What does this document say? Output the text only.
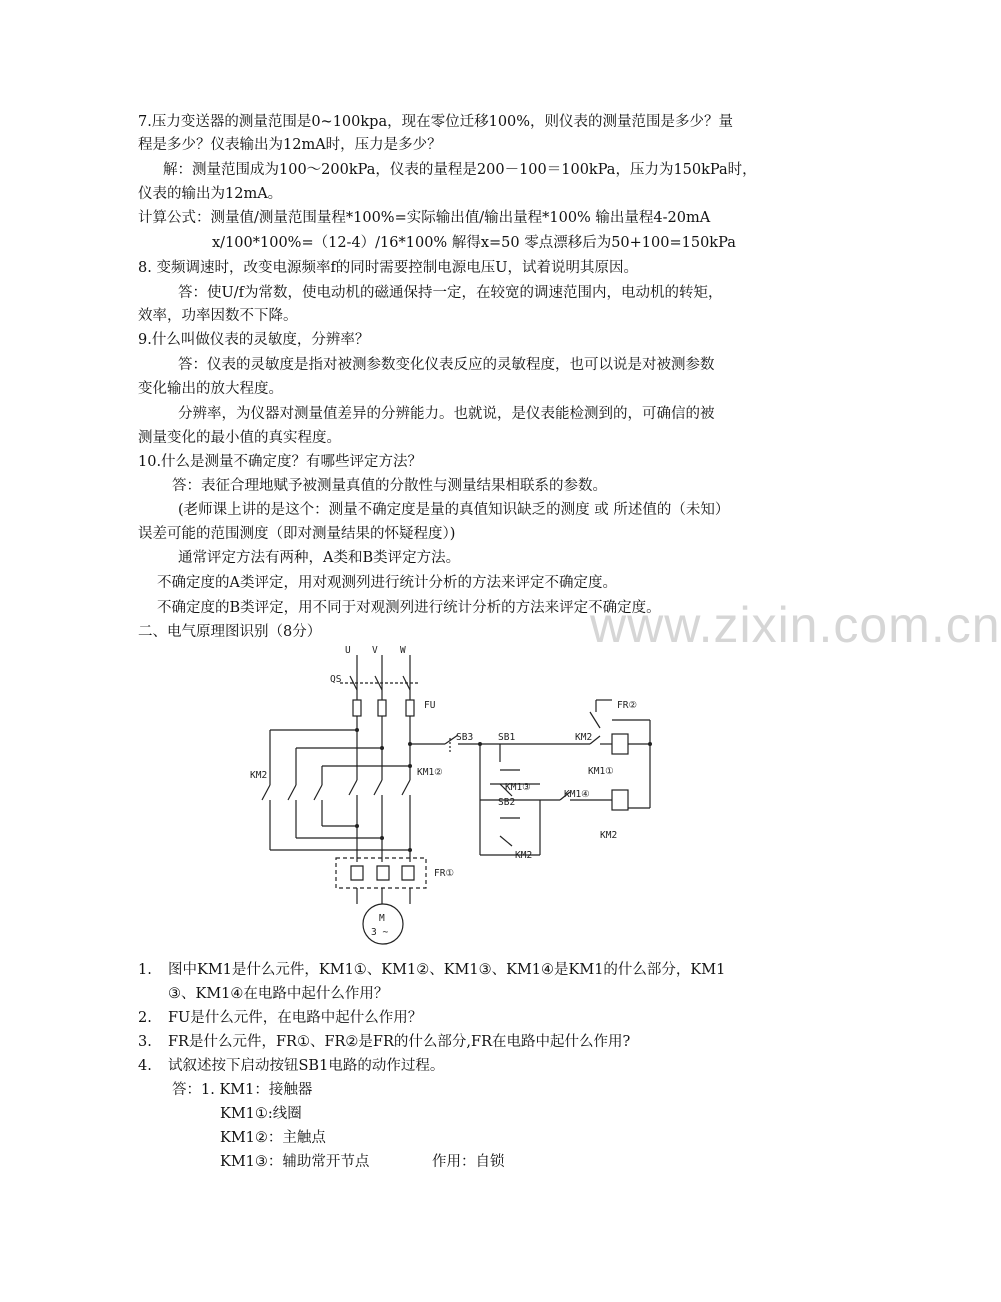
www.zixin.com.cn
7.压力变送器的测量范围是0~100kpa，现在零位迁移100%，则仪表的测量范围是多少？量
程是多少？仪表输出为12mA时，压力是多少？
解：测量范围成为100～200kPa，仪表的量程是200－100＝100kPa，压力为150kPa时，
仪表的输出为12mA。
计算公式：测量值/测量范围量程*100%=实际输出值/输出量程*100% 输出量程4-20mA
x/100*100%=（12-4）/16*100% 解得x=50 零点漂移后为50+100=150kPa
8. 变频调速时，改变电源频率f的同时需要控制电源电压U，试着说明其原因。
答：使U/f为常数，使电动机的磁通保持一定，在较宽的调速范围内，电动机的转矩，
效率，功率因数不下降。
9.什么叫做仪表的灵敏度，分辨率？
答：仪表的灵敏度是指对被测参数变化仪表反应的灵敏程度，也可以说是对被测参数
变化输出的放大程度。
分辨率，为仪器对测量值差异的分辨能力。也就说，是仪表能检测到的，可确信的被
测量变化的最小值的真实程度。
10.什么是测量不确定度？有哪些评定方法？
答：表征合理地赋予被测量真值的分散性与测量结果相联系的参数。
(老师课上讲的是这个：测量不确定度是量的真值知识缺乏的测度 或 所述值的（未知）
误差可能的范围测度（即对测量结果的怀疑程度）)
通常评定方法有两种，A类和B类评定方法。
不确定度的A类评定，用对观测列进行统计分析的方法来评定不确定度。
不确定度的B类评定，用不同于对观测列进行统计分析的方法来评定不确定度。
二、电气原理图识别（8分）
U V W
QS
FU
SB3	SB1	KM2
FR②
KM1①
KM2	KM1②
KM1③
SB2
KM1④
KM2
KM2
FR①
M
3 ~
1. 图中KM1是什么元件，KM1①、KM1②、KM1③、KM1④是KM1的什么部分，KM1
③、KM1④在电路中起什么作用？
2. FU是什么元件，在电路中起什么作用？
3. FR是什么元件，FR①、FR②是FR的什么部分,FR在电路中起什么作用?
4. 试叙述按下启动按钮SB1电路的动作过程。
答：1. KM1：接触器
KM1①:线圈
KM1②：主触点
KM1③：辅助常开节点	作用：自锁
